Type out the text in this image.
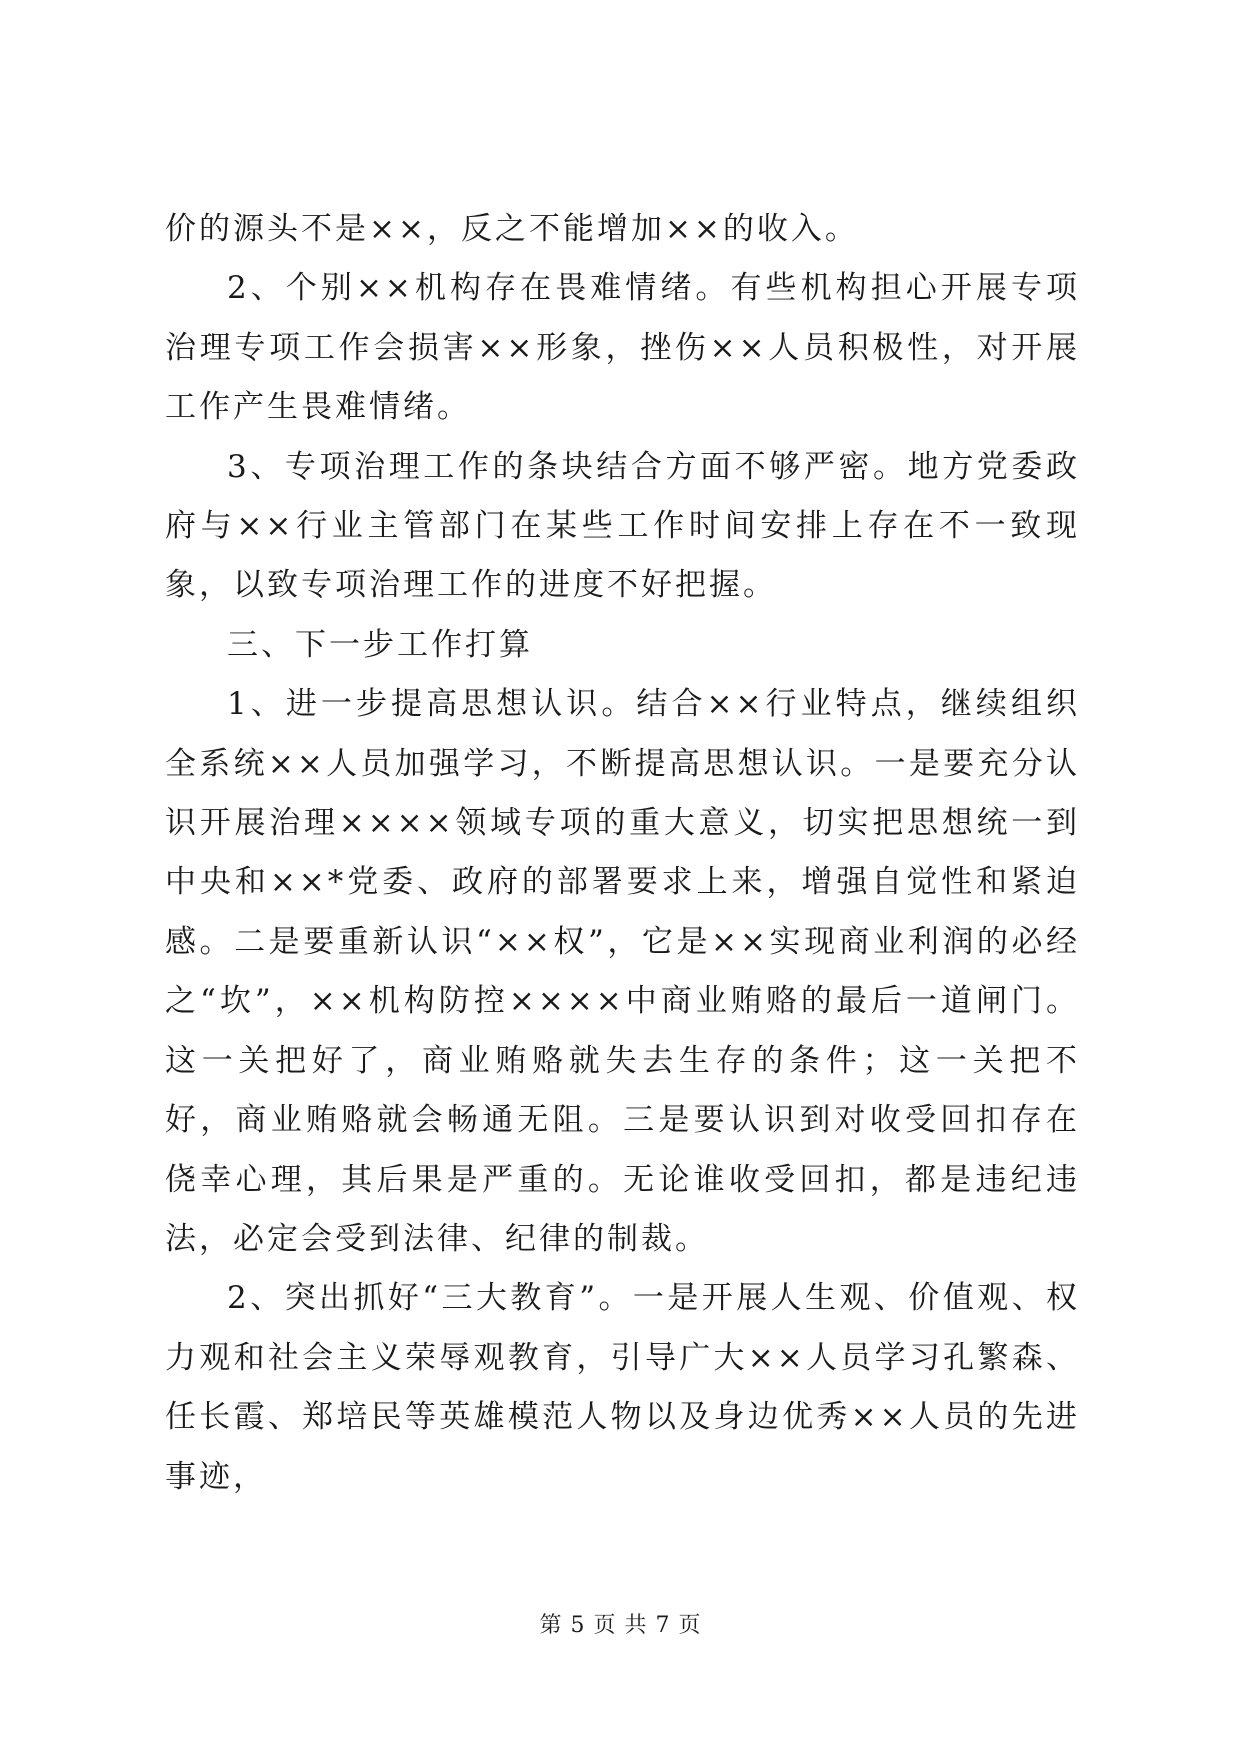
价的源头不是××，反之不能增加××的收入。

2、个别××机构存在畏难情绪。有些机构担心开展专项治理专项工作会损害××形象，挫伤××人员积极性，对开展工作产生畏难情绪。

3、专项治理工作的条块结合方面不够严密。地方党委政府与××行业主管部门在某些工作时间安排上存在不一致现象，以致专项治理工作的进度不好把握。

三、下一步工作打算

1、进一步提高思想认识。结合××行业特点，继续组织全系统××人员加强学习，不断提高思想认识。一是要充分认识开展治理××××领域专项的重大意义，切实把思想统一到中央和××*党委、政府的部署要求上来，增强自觉性和紧迫感。二是要重新认识“××权”，它是××实现商业利润的必经之“坎”，××机构防控××××中商业贿赂的最后一道闸门。这一关把好了，商业贿赂就失去生存的条件；这一关把不好，商业贿赂就会畅通无阻。三是要认识到对收受回扣存在侥幸心理，其后果是严重的。无论谁收受回扣，都是违纪违法，必定会受到法律、纪律的制裁。

2、突出抓好“三大教育”。一是开展人生观、价值观、权力观和社会主义荣辱观教育，引导广大××人员学习孔繁森、任长霞、郑培民等英雄模范人物以及身边优秀××人员的先进事迹，

第 5 页 共 7 页
